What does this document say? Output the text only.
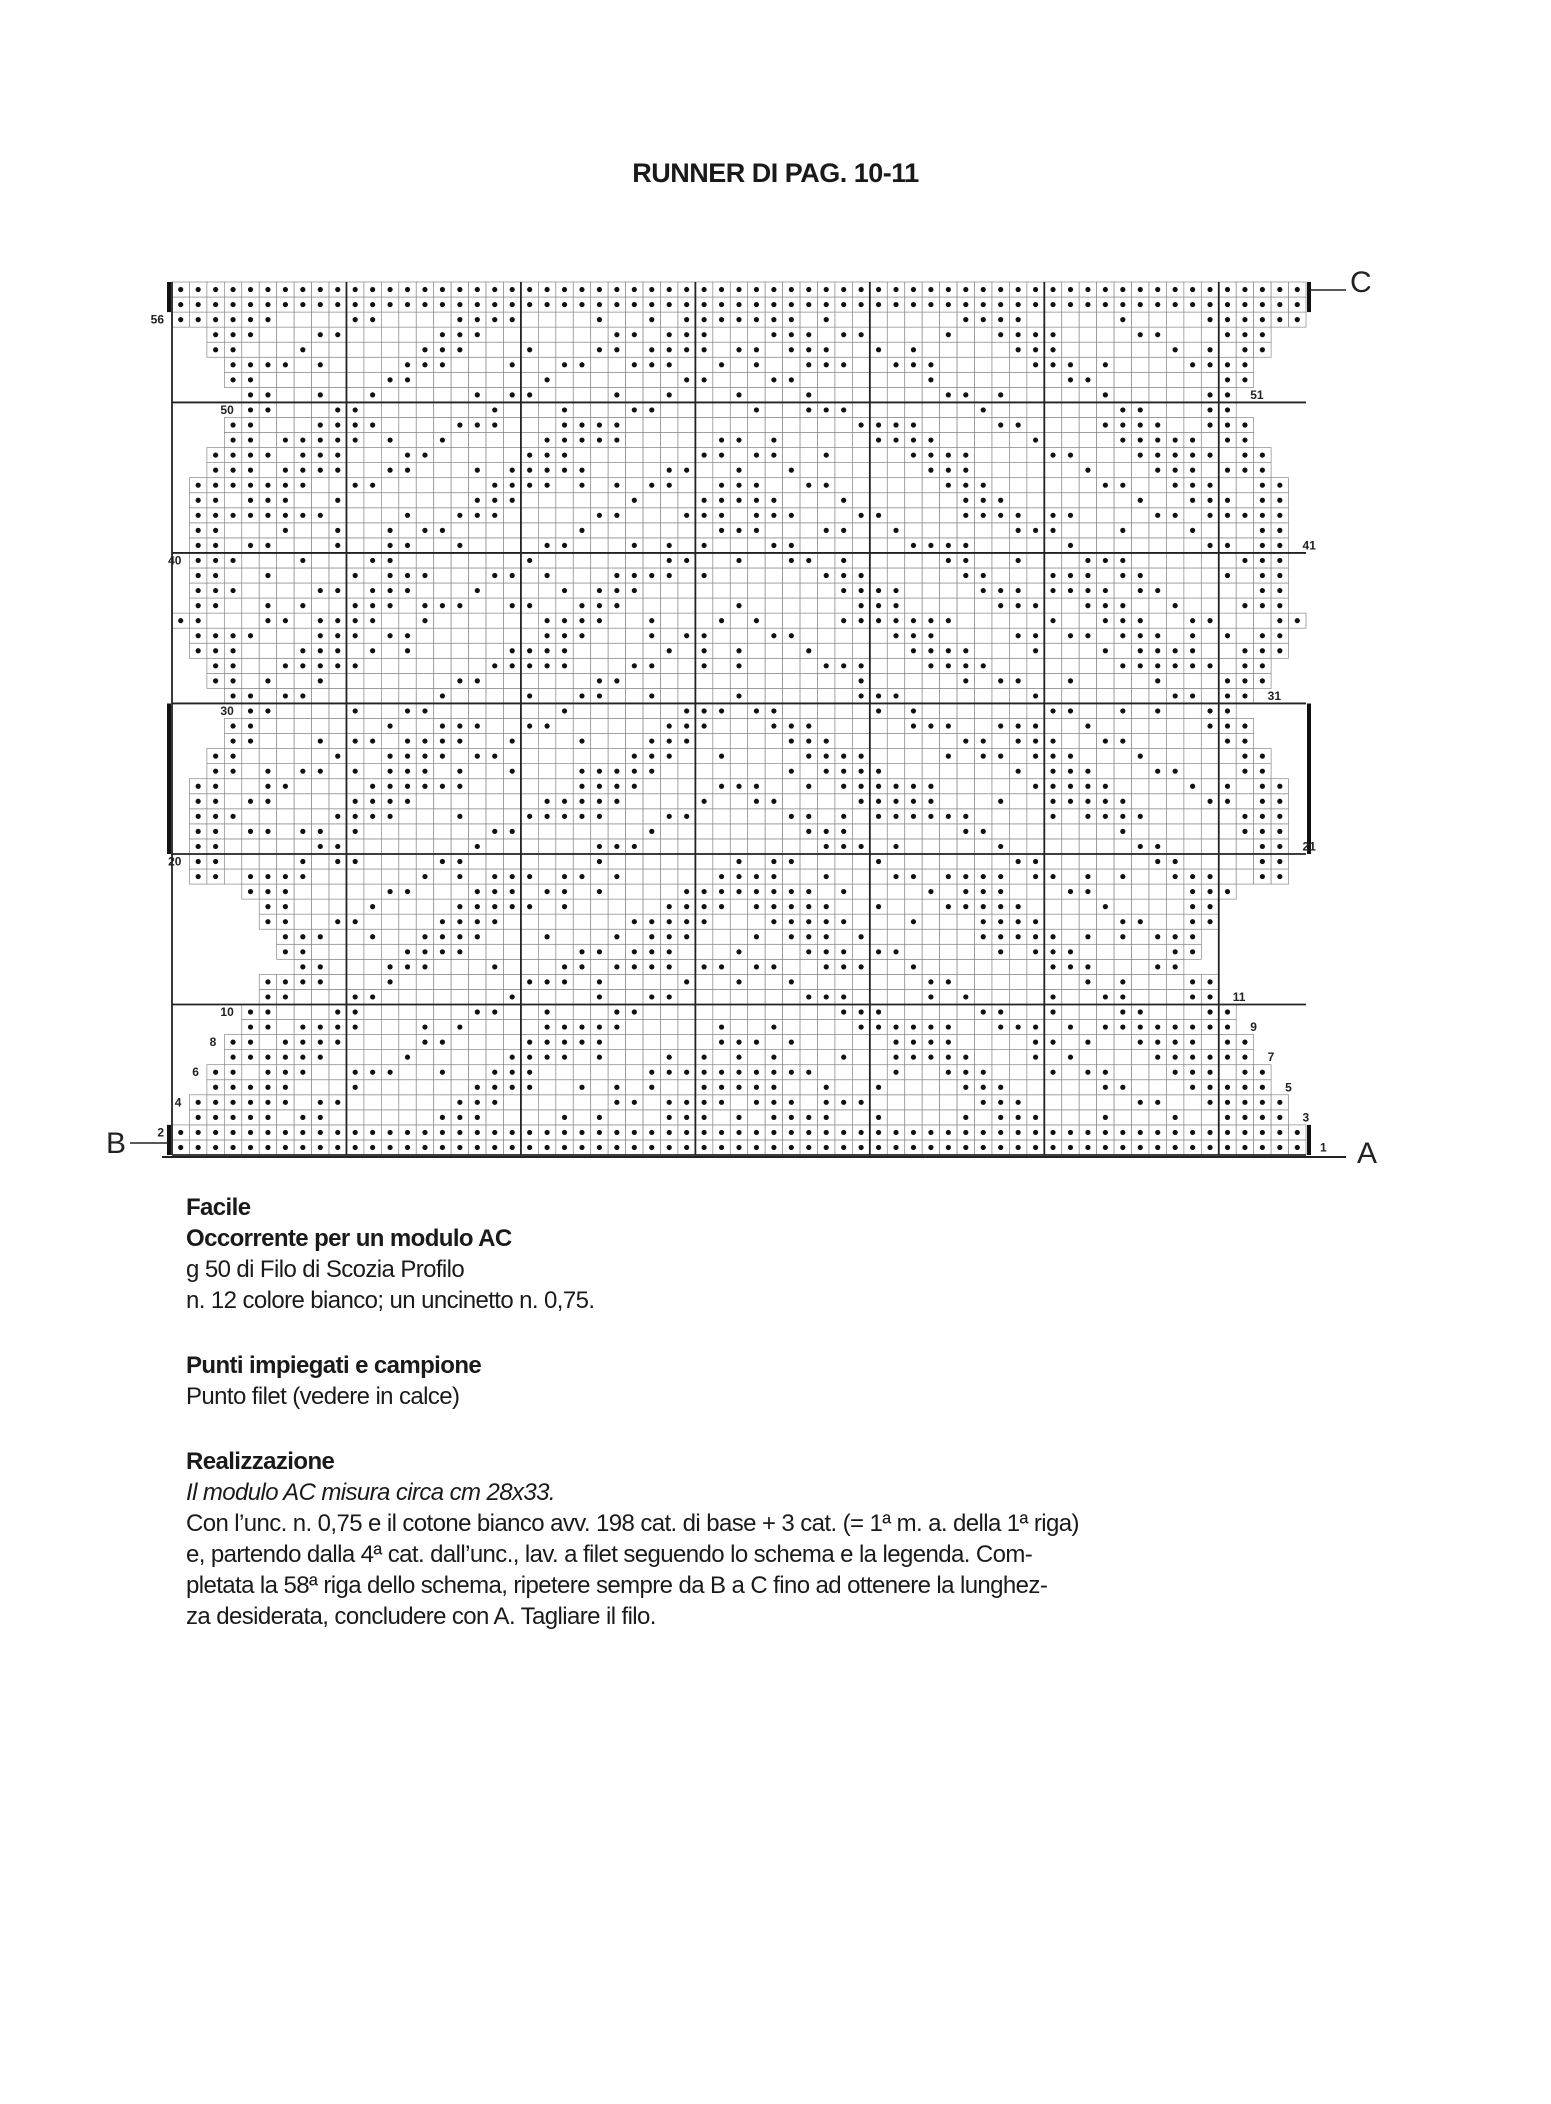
RUNNER DI PAG. 10-11
2
4
6
8
10
20
30
40
50
56
1
3
5
7
9
11
21
31
41
51
B	A
C

Facile

Occorrente per un modulo AC

g 50 di Filo di Scozia Profilo

n. 12 colore bianco; un uncinetto n. 0,75.

Punti impiegati e campione

Punto filet (vedere in calce)

Realizzazione

Il modulo AC misura circa cm 28x33.

Con l’unc. n. 0,75 e il cotone bianco avv. 198 cat. di base + 3 cat. (= 1ª m. a. della 1ª riga)

e, partendo dalla 4ª cat. dall’unc., lav. a filet seguendo lo schema e la legenda. Com-

pletata la 58ª riga dello schema, ripetere sempre da B a C fino ad ottenere la lunghez-

za desiderata, concludere con A. Tagliare il filo.
